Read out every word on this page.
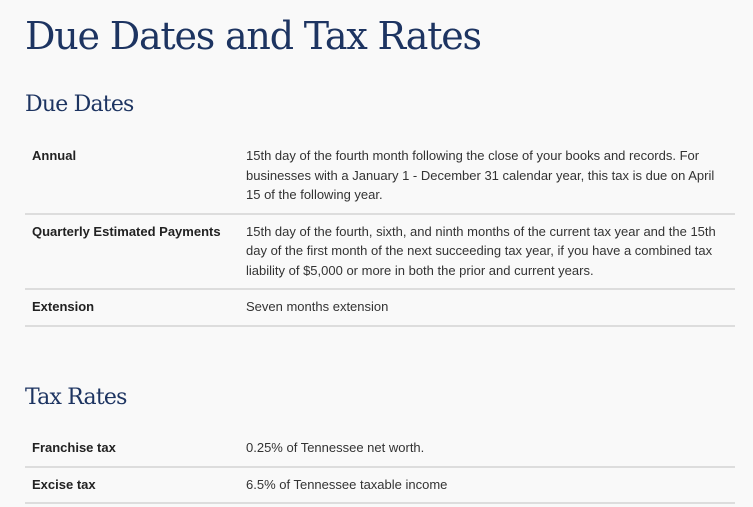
Due Dates and Tax Rates
Due Dates
Annual	15th day of the fourth month following the close of your books and records. For businesses with a January 1 - December 31 calendar year, this tax is due on April 15 of the following year.
Quarterly Estimated Payments	15th day of the fourth, sixth, and ninth months of the current tax year and the 15th day of the first month of the next succeeding tax year, if you have a combined tax liability of $5,000 or more in both the prior and current years.
Extension	Seven months extension
Tax Rates
Franchise tax	0.25% of Tennessee net worth.
Excise tax	6.5% of Tennessee taxable income
